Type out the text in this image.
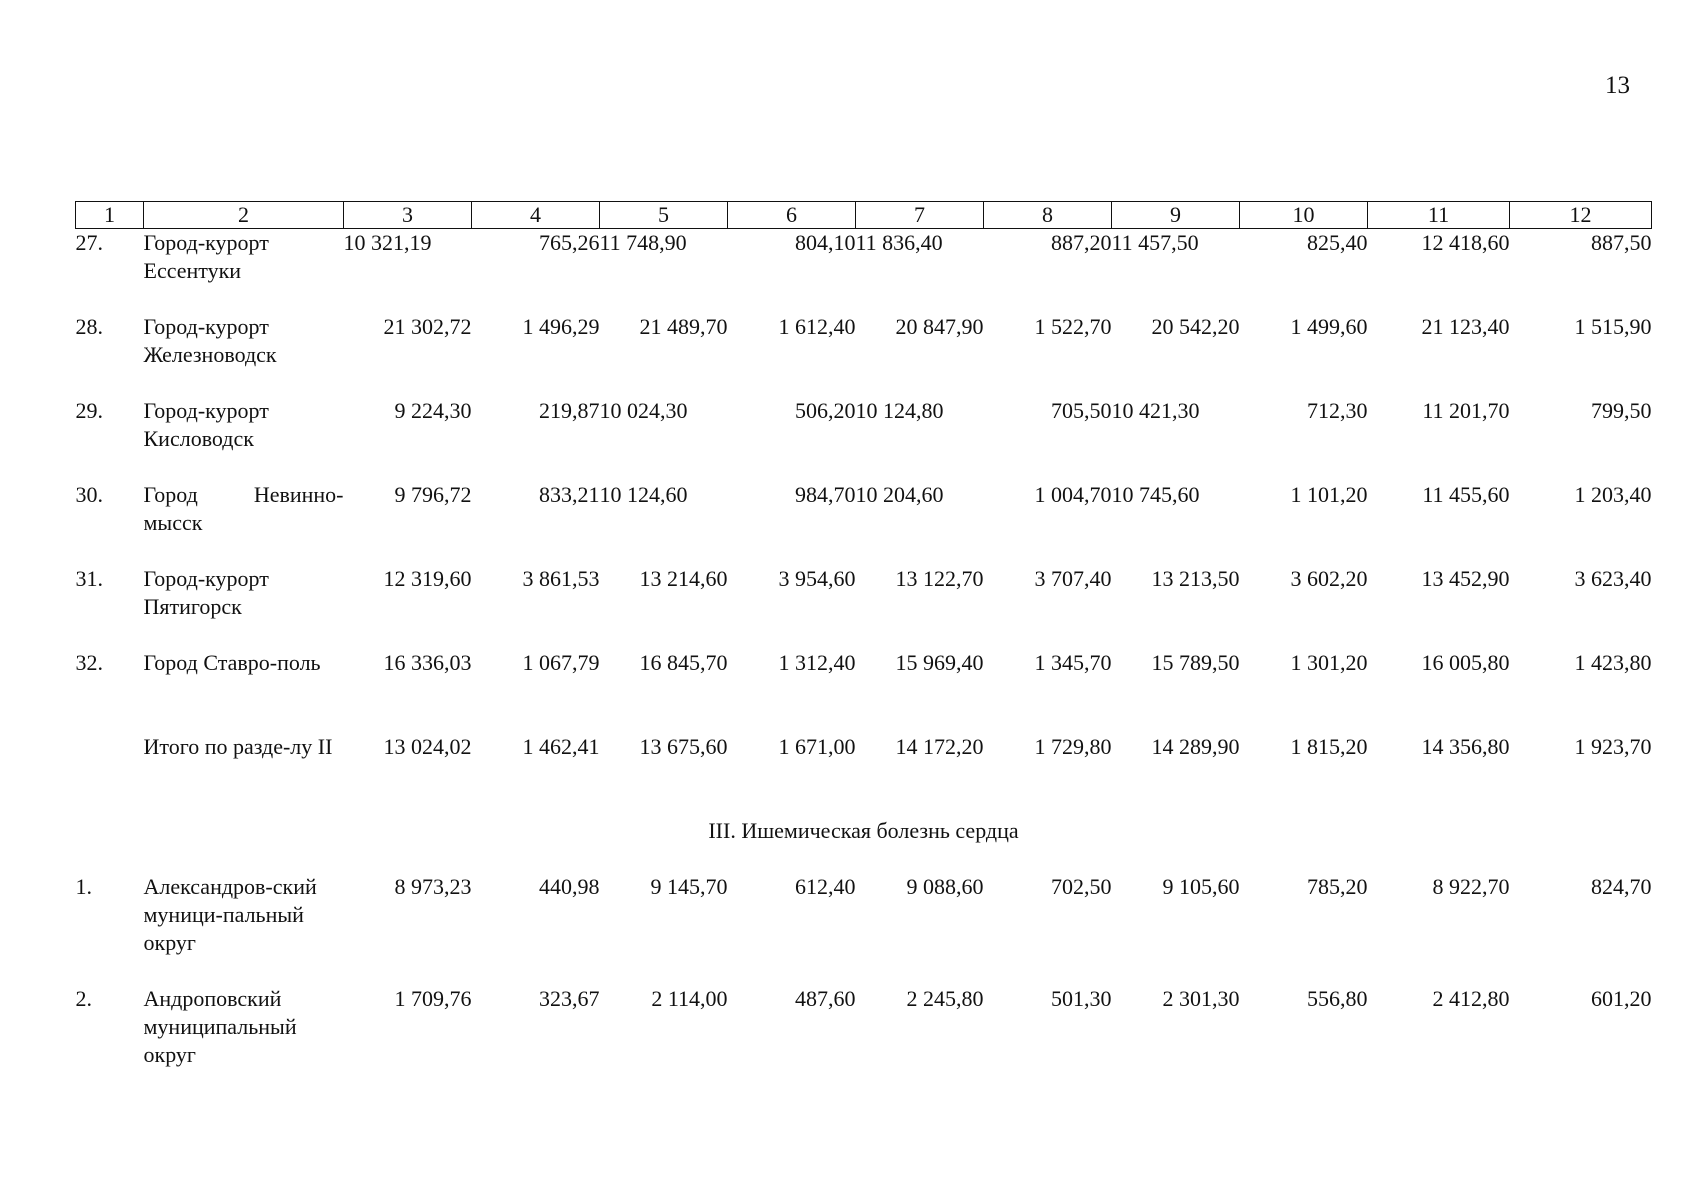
13
1	2	3	4	5	6	7	8	9	10	11	12
27.	Город-курорт Ессентуки	10 321,19	765,26	11 748,90	804,10	11 836,40	887,20	11 457,50	825,40	12 418,60	887,50
28.	Город-курорт Железноводск	21 302,72	1 496,29	21 489,70	1 612,40	20 847,90	1 522,70	20 542,20	1 499,60	21 123,40	1 515,90
29.	Город-курорт Кисловодск	9 224,30	219,87	10 024,30	506,20	10 124,80	705,50	10 421,30	712,30	11 201,70	799,50
30.	Город Невинно-мысск	9 796,72	833,21	10 124,60	984,70	10 204,60	1 004,70	10 745,60	1 101,20	11 455,60	1 203,40
31.	Город-курорт Пятигорск	12 319,60	3 861,53	13 214,60	3 954,60	13 122,70	3 707,40	13 213,50	3 602,20	13 452,90	3 623,40
32.	Город Ставро-поль	16 336,03	1 067,79	16 845,70	1 312,40	15 969,40	1 345,70	15 789,50	1 301,20	16 005,80	1 423,80
	Итого по разде-лу II	13 024,02	1 462,41	13 675,60	1 671,00	14 172,20	1 729,80	14 289,90	1 815,20	14 356,80	1 923,70
III. Ишемическая болезнь сердца											
1.	Александров-ский муници-пальный округ	8 973,23	440,98	9 145,70	612,40	9 088,60	702,50	9 105,60	785,20	8 922,70	824,70
2.	Андроповский муниципальный округ	1 709,76	323,67	2 114,00	487,60	2 245,80	501,30	2 301,30	556,80	2 412,80	601,20
